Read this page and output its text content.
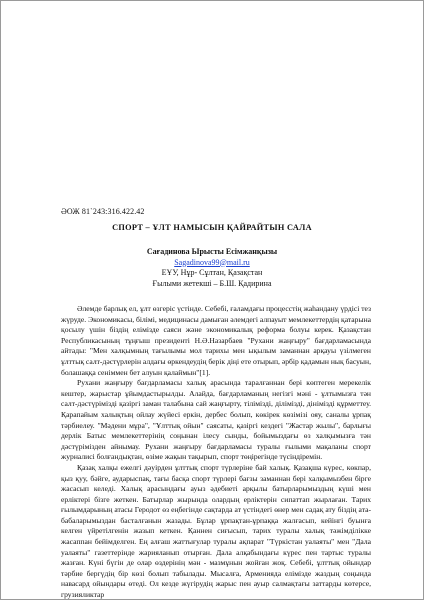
ӘОЖ 81`243:316.422.42
СПОРТ – ҰЛТ НАМЫСЫН ҚАЙРАЙТЫН САЛА
Сағадинова Ырысты Есімжанқызы
Sagadinova99@mail.ru
ЕҰУ, Нұр- Сұлтан, Қазақстан
Ғылыми жетекші – Б.Ш. Қадирина

Әлемде барлық ел, ұлт өзгеріс үстінде. Себебі, ғаламдағы процесстің жаһандану үрдісі тез жүруде. Экономикасы, білімі, медицинасы дамыған әлемдегі алпауыт мемлекеттердің қатарына қосылу үшін біздің елімізде саяси және экономикалық реформа болуы керек. Қазақстан Республикасының тұңғыш президенті Н.Ә.Назарбаев "Рухани жаңғыру" бағдарламасында айтады: "Мен халқымның тағылымы мол тарихы мен ықылым заманнан арқауы үзілмеген ұлттық салт-дәстүрлерін алдағы өркендеудің берік діңі ете отырып, әрбір қадамын нық басуын, болашаққа сеніммен бет алуын қалаймын"[1].

Рухани жаңғыру бағдарламасы халық арасында таралғаннан бері көптеген мерекелік кештер, жарыстар ұйымдастырылды. Алайда, бағдарламаның негізгі мәні - ұлтымызға тән салт-дәстүріміздi қазіргі заман талабына сай жаңғырту, тілімізді, ділімізді, дінімізді құрметтеу. Қарапайым халықтың ойлау жүйесі еркін, дербес болып, көкірек көзімізі ояу, саналы ұрпақ тәрбиелеу. "Мәдени мұра", "Ұлттық ойын" саясаты, қазіргі кездегі "Жастар жылы", барлығы дерлік Батыс мемлекеттерінің соңынан ілесу сынды, бойымыздағы өз халқымызға тән дәстүрімізден айнымау. Рухани жаңғыру бағдарламасы туралы ғылыми мақаланы спорт журналисі болғандықтан, өзіме жақын тақырып, спорт төңірегінде түсіндіремін.

Қазақ халқы ежелгі дәуірден ұлттық спорт түрлеріне бай халық. Қазақша күрес, көкпар, қыз қуу, бәйге, аударыспақ, тағы басқа спорт түрлері бағзы заманнан бері халқымызбен бірге жасасып келеді. Халық арасындағы ауыз әдебиеті арқылы батырларымыздың күші мен ерліктері бізге жеткен. Батырлар жырында олардың ерліктерін сипаттап жырлаған. Тарих ғылымдарының атасы Геродот өз еңбегінде сақтарда ат үстіндегі өнер мен садақ ату біздің ата-бабаларымыздан басталғанын жазады. Бұлар ұрпақтан-ұрпаққа жалғасып, кейінгі буынға келген үйретілгенін жазып кеткен. Қаннен сиғысып, тарих туралы халық тәжімділікке жасаппан бейімделген. Ең алғаш жаттығулар туралы ақпарат "Түркістан уалаяты" мен "Дала уалаяты" газеттерінде жарияланып отырған. Дала алқабындағы күрес пен тартыс туралы жазған. Күні бүгін де олар өздерінің мән - мазмұнын жойған жоқ. Себебі, ұлттық ойындар тәрбие бергүдің бір көзі болып табылады. Мысалға, Арменияда елімізде жаздың соңында навасард ойындары өтеді. Ол кезде жүгірудің жарыс пен ауыр салмақтағы заттарды көтерсе, грузияликтар
